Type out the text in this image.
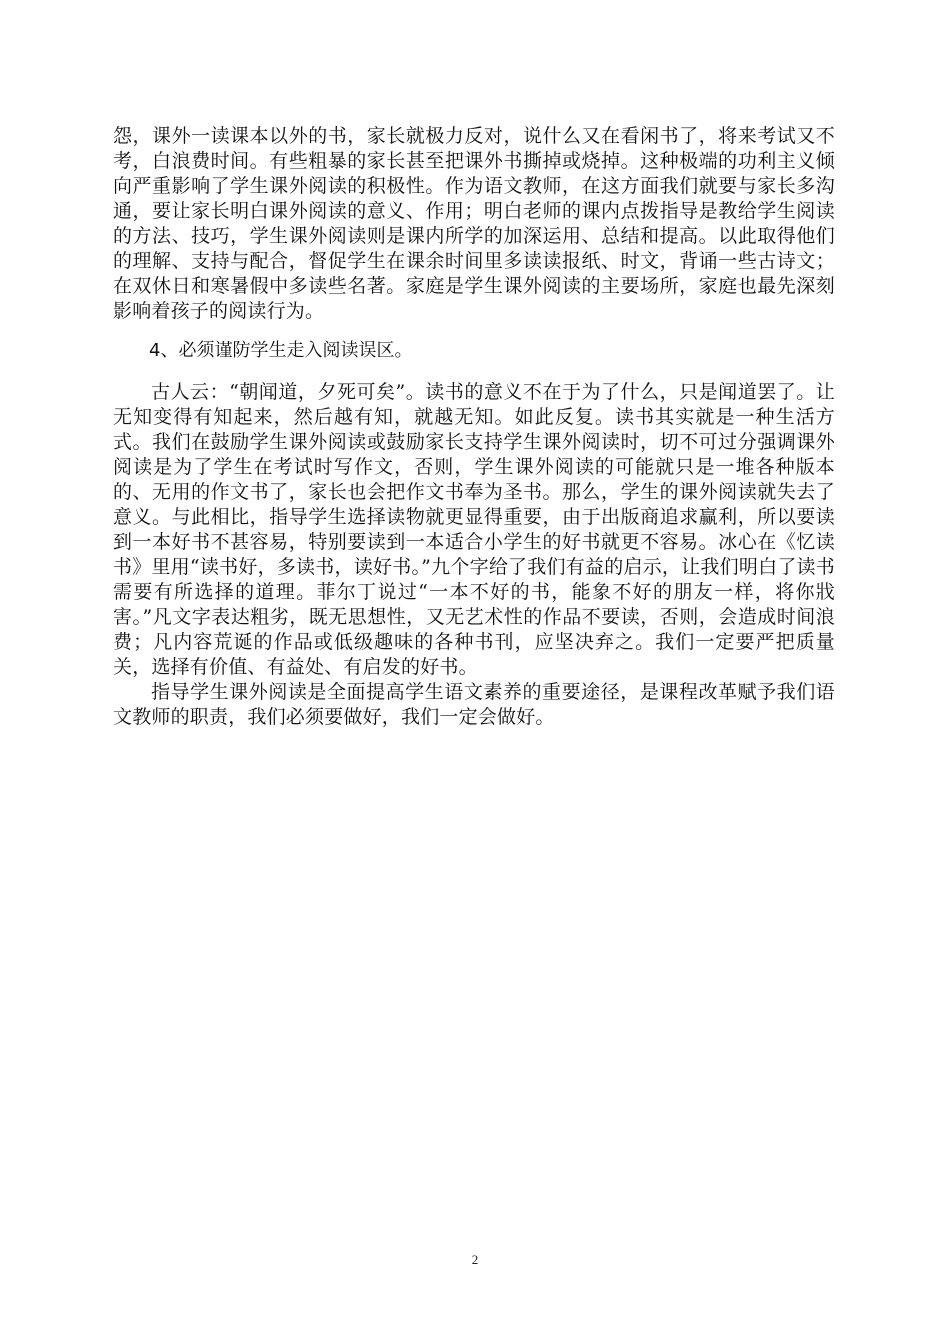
怨，课外一读课本以外的书，家长就极力反对，说什么又在看闲书了，将来考试又不考，白浪费时间。有些粗暴的家长甚至把课外书撕掉或烧掉。这种极端的功利主义倾向严重影响了学生课外阅读的积极性。作为语文教师，在这方面我们就要与家长多沟通，要让家长明白课外阅读的意义、作用；明白老师的课内点拨指导是教给学生阅读的方法、技巧，学生课外阅读则是课内所学的加深运用、总结和提高。以此取得他们的理解、支持与配合，督促学生在课余时间里多读读报纸、时文，背诵一些古诗文；在双休日和寒暑假中多读些名著。家庭是学生课外阅读的主要场所，家庭也最先深刻影响着孩子的阅读行为。

4、必须谨防学生走入阅读误区。

古人云：“朝闻道，夕死可矣”。读书的意义不在于为了什么，只是闻道罢了。让无知变得有知起来，然后越有知，就越无知。如此反复。读书其实就是一种生活方式。我们在鼓励学生课外阅读或鼓励家长支持学生课外阅读时，切不可过分强调课外阅读是为了学生在考试时写作文，否则，学生课外阅读的可能就只是一堆各种版本的、无用的作文书了，家长也会把作文书奉为圣书。那么，学生的课外阅读就失去了意义。与此相比，指导学生选择读物就更显得重要，由于出版商追求赢利，所以要读到一本好书不甚容易，特别要读到一本适合小学生的好书就更不容易。冰心在《忆读书》里用“读书好，多读书，读好书。”九个字给了我们有益的启示，让我们明白了读书需要有所选择的道理。菲尔丁说过“一本不好的书，能象不好的朋友一样，将你戕害。”凡文字表达粗劣，既无思想性，又无艺术性的作品不要读，否则，会造成时间浪费；凡内容荒诞的作品或低级趣味的各种书刊，应坚决弃之。我们一定要严把质量关，选择有价值、有益处、有启发的好书。

指导学生课外阅读是全面提高学生语文素养的重要途径，是课程改革赋予我们语文教师的职责，我们必须要做好，我们一定会做好。

2
